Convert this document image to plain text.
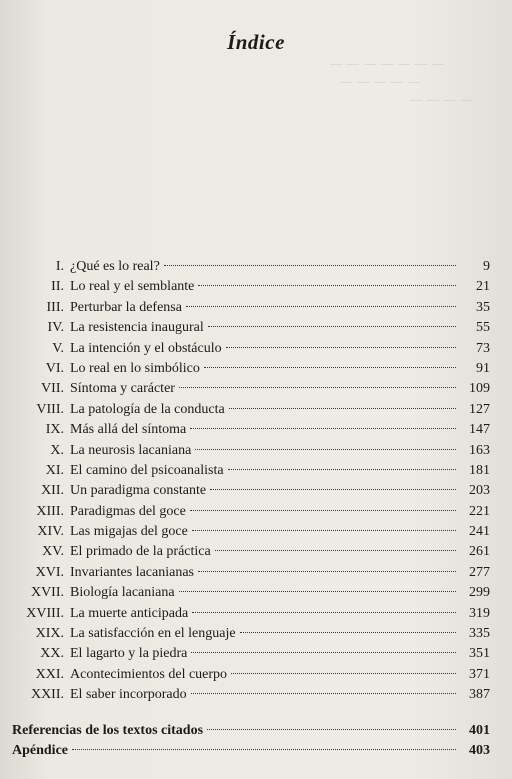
— — — — — — —
— — — — —
— — — —
Índice
I. ¿Qué es lo real?	9
II. Lo real y el semblante	21
III. Perturbar la defensa	35
IV. La resistencia inaugural	55
V. La intención y el obstáculo	73
VI. Lo real en lo simbólico	91
VII. Síntoma y carácter	109
VIII. La patología de la conducta	127
IX. Más allá del síntoma	147
X. La neurosis lacaniana	163
XI. El camino del psicoanalista	181
XII. Un paradigma constante	203
XIII. Paradigmas del goce	221
XIV. Las migajas del goce	241
XV. El primado de la práctica	261
XVI. Invariantes lacanianas	277
XVII. Biología lacaniana	299
XVIII. La muerte anticipada	319
XIX. La satisfacción en el lenguaje	335
XX. El lagarto y la piedra	351
XXI. Acontecimientos del cuerpo	371
XXII. El saber incorporado	387
Referencias de los textos citados	401
Apéndice	403
